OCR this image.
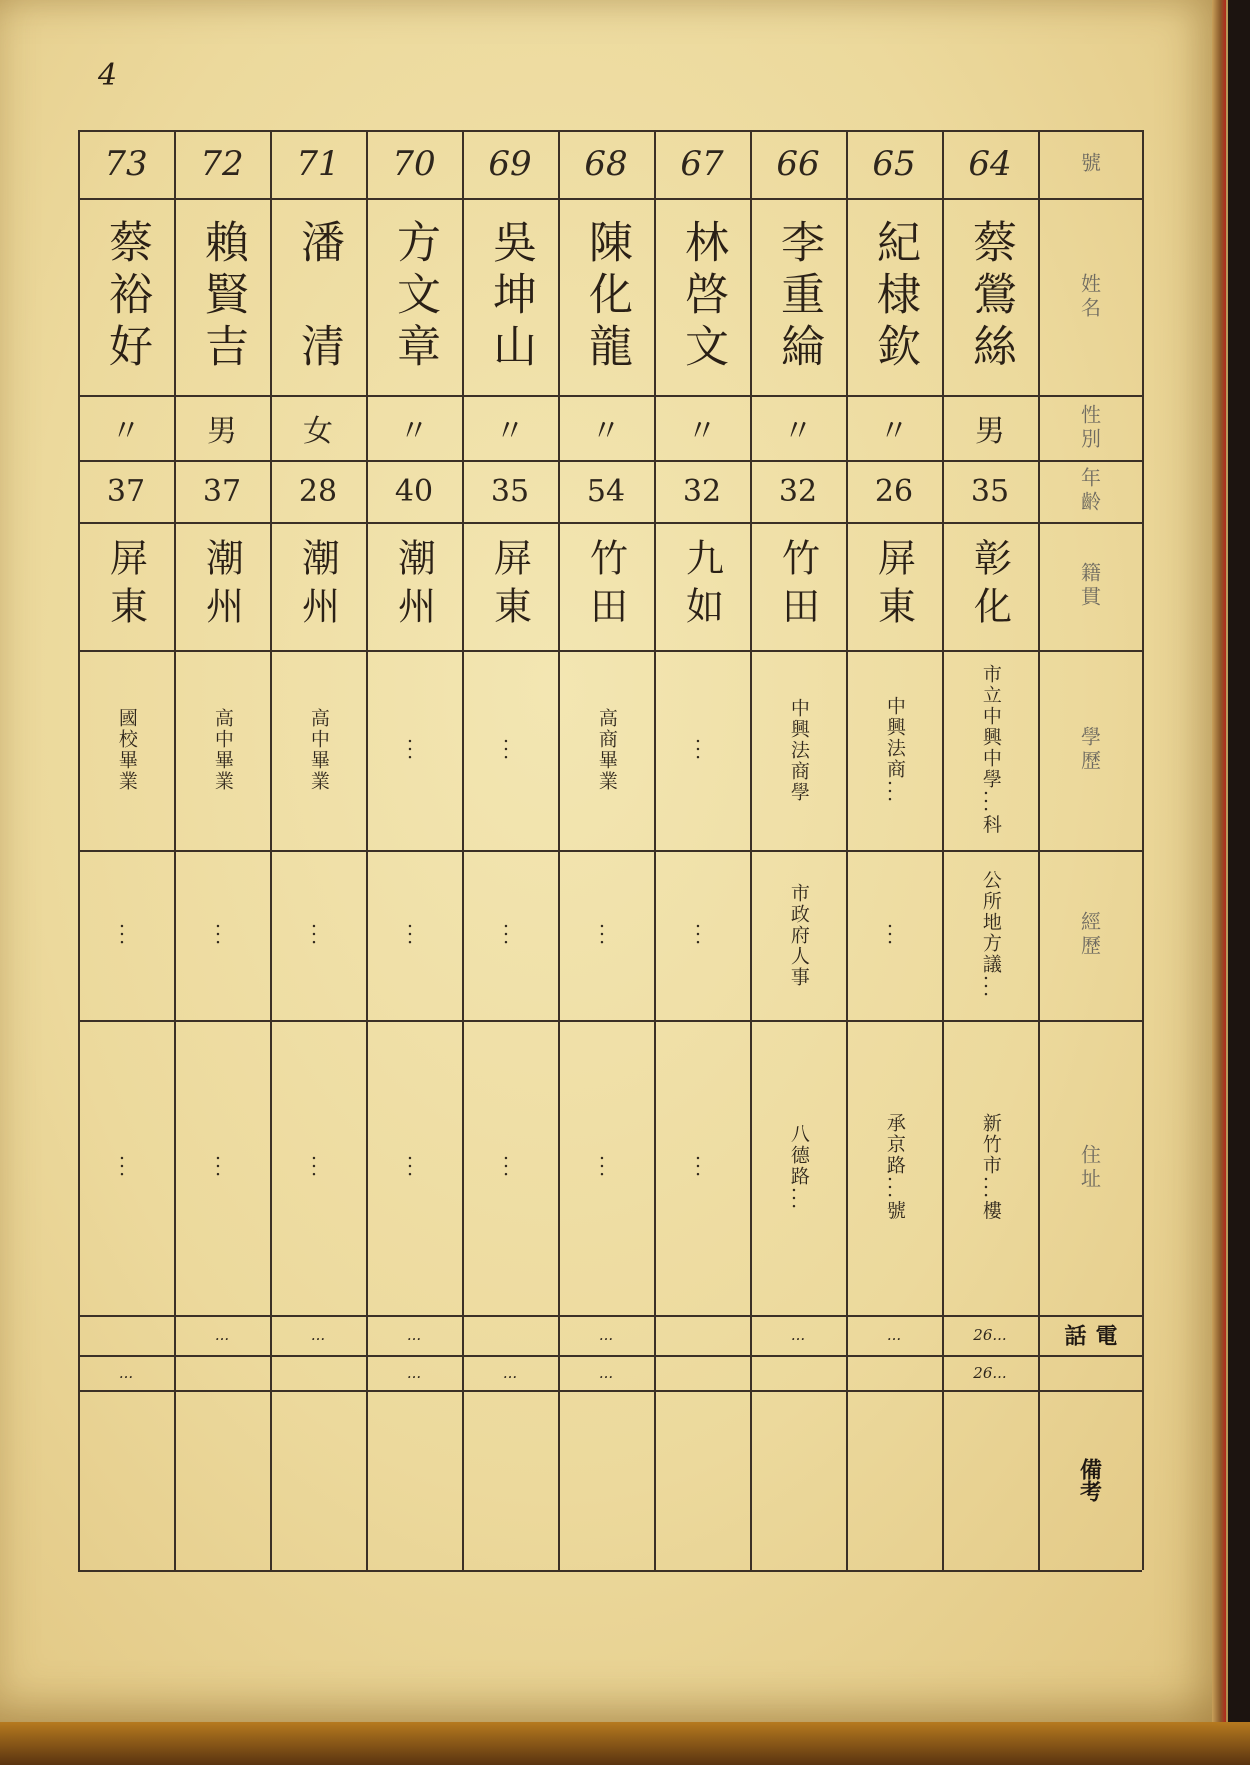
4
號
姓名
性別
年齡
籍貫
學歷
經歷
住址
電話
備考
64
蔡鶯絲
男
35
彰化
市立中興中學...科
公所地方議...
新竹市...樓
26...
26...
65
紀棣欽
〃
26
屏東
中興法商...
...
承京路...號
...
66
李重綸
〃
32
竹田
中興法商學
市政府人事
八德路...
...
67
林啓文
〃
32
九如
...
...
...
68
陳化龍
〃
54
竹田
高商畢業
...
...
...
...
69
吳坤山
〃
35
屏東
...
...
...
...
70
方文章
〃
40
潮州
...
...
...
...
...
71
潘　清
女
28
潮州
高中畢業
...
...
...
72
賴賢吉
男
37
潮州
高中畢業
...
...
...
73
蔡裕好
〃
37
屏東
國校畢業
...
...
...
